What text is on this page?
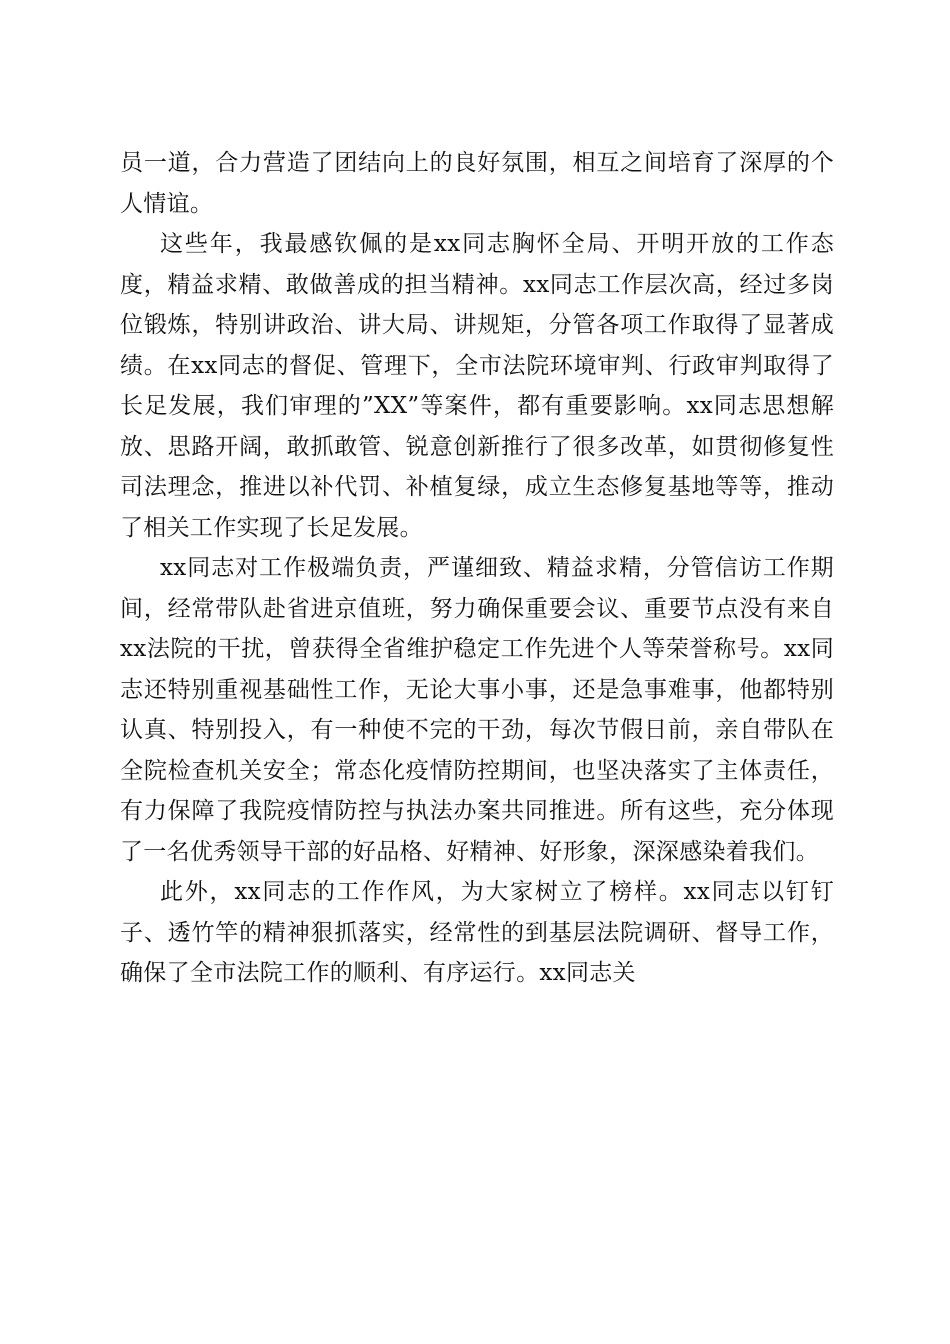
员一道，合力营造了团结向上的良好氛围，相互之间培育了深厚的个人情谊。

这些年，我最感钦佩的是xx同志胸怀全局、开明开放的工作态度，精益求精、敢做善成的担当精神。xx同志工作层次高，经过多岗位锻炼，特别讲政治、讲大局、讲规矩，分管各项工作取得了显著成绩。在xx同志的督促、管理下，全市法院环境审判、行政审判取得了长足发展，我们审理的”XX”等案件，都有重要影响。xx同志思想解放、思路开阔，敢抓敢管、锐意创新推行了很多改革，如贯彻修复性司法理念，推进以补代罚、补植复绿，成立生态修复基地等等，推动了相关工作实现了长足发展。

xx同志对工作极端负责，严谨细致、精益求精，分管信访工作期间，经常带队赴省进京值班，努力确保重要会议、重要节点没有来自xx法院的干扰，曾获得全省维护稳定工作先进个人等荣誉称号。xx同志还特别重视基础性工作，无论大事小事，还是急事难事，他都特别认真、特别投入，有一种使不完的干劲，每次节假日前，亲自带队在全院检查机关安全；常态化疫情防控期间，也坚决落实了主体责任，有力保障了我院疫情防控与执法办案共同推进。所有这些，充分体现了一名优秀领导干部的好品格、好精神、好形象，深深感染着我们。

此外，xx同志的工作作风，为大家树立了榜样。xx同志以钉钉子、透竹竿的精神狠抓落实，经常性的到基层法院调研、督导工作，确保了全市法院工作的顺利、有序运行。xx同志关
